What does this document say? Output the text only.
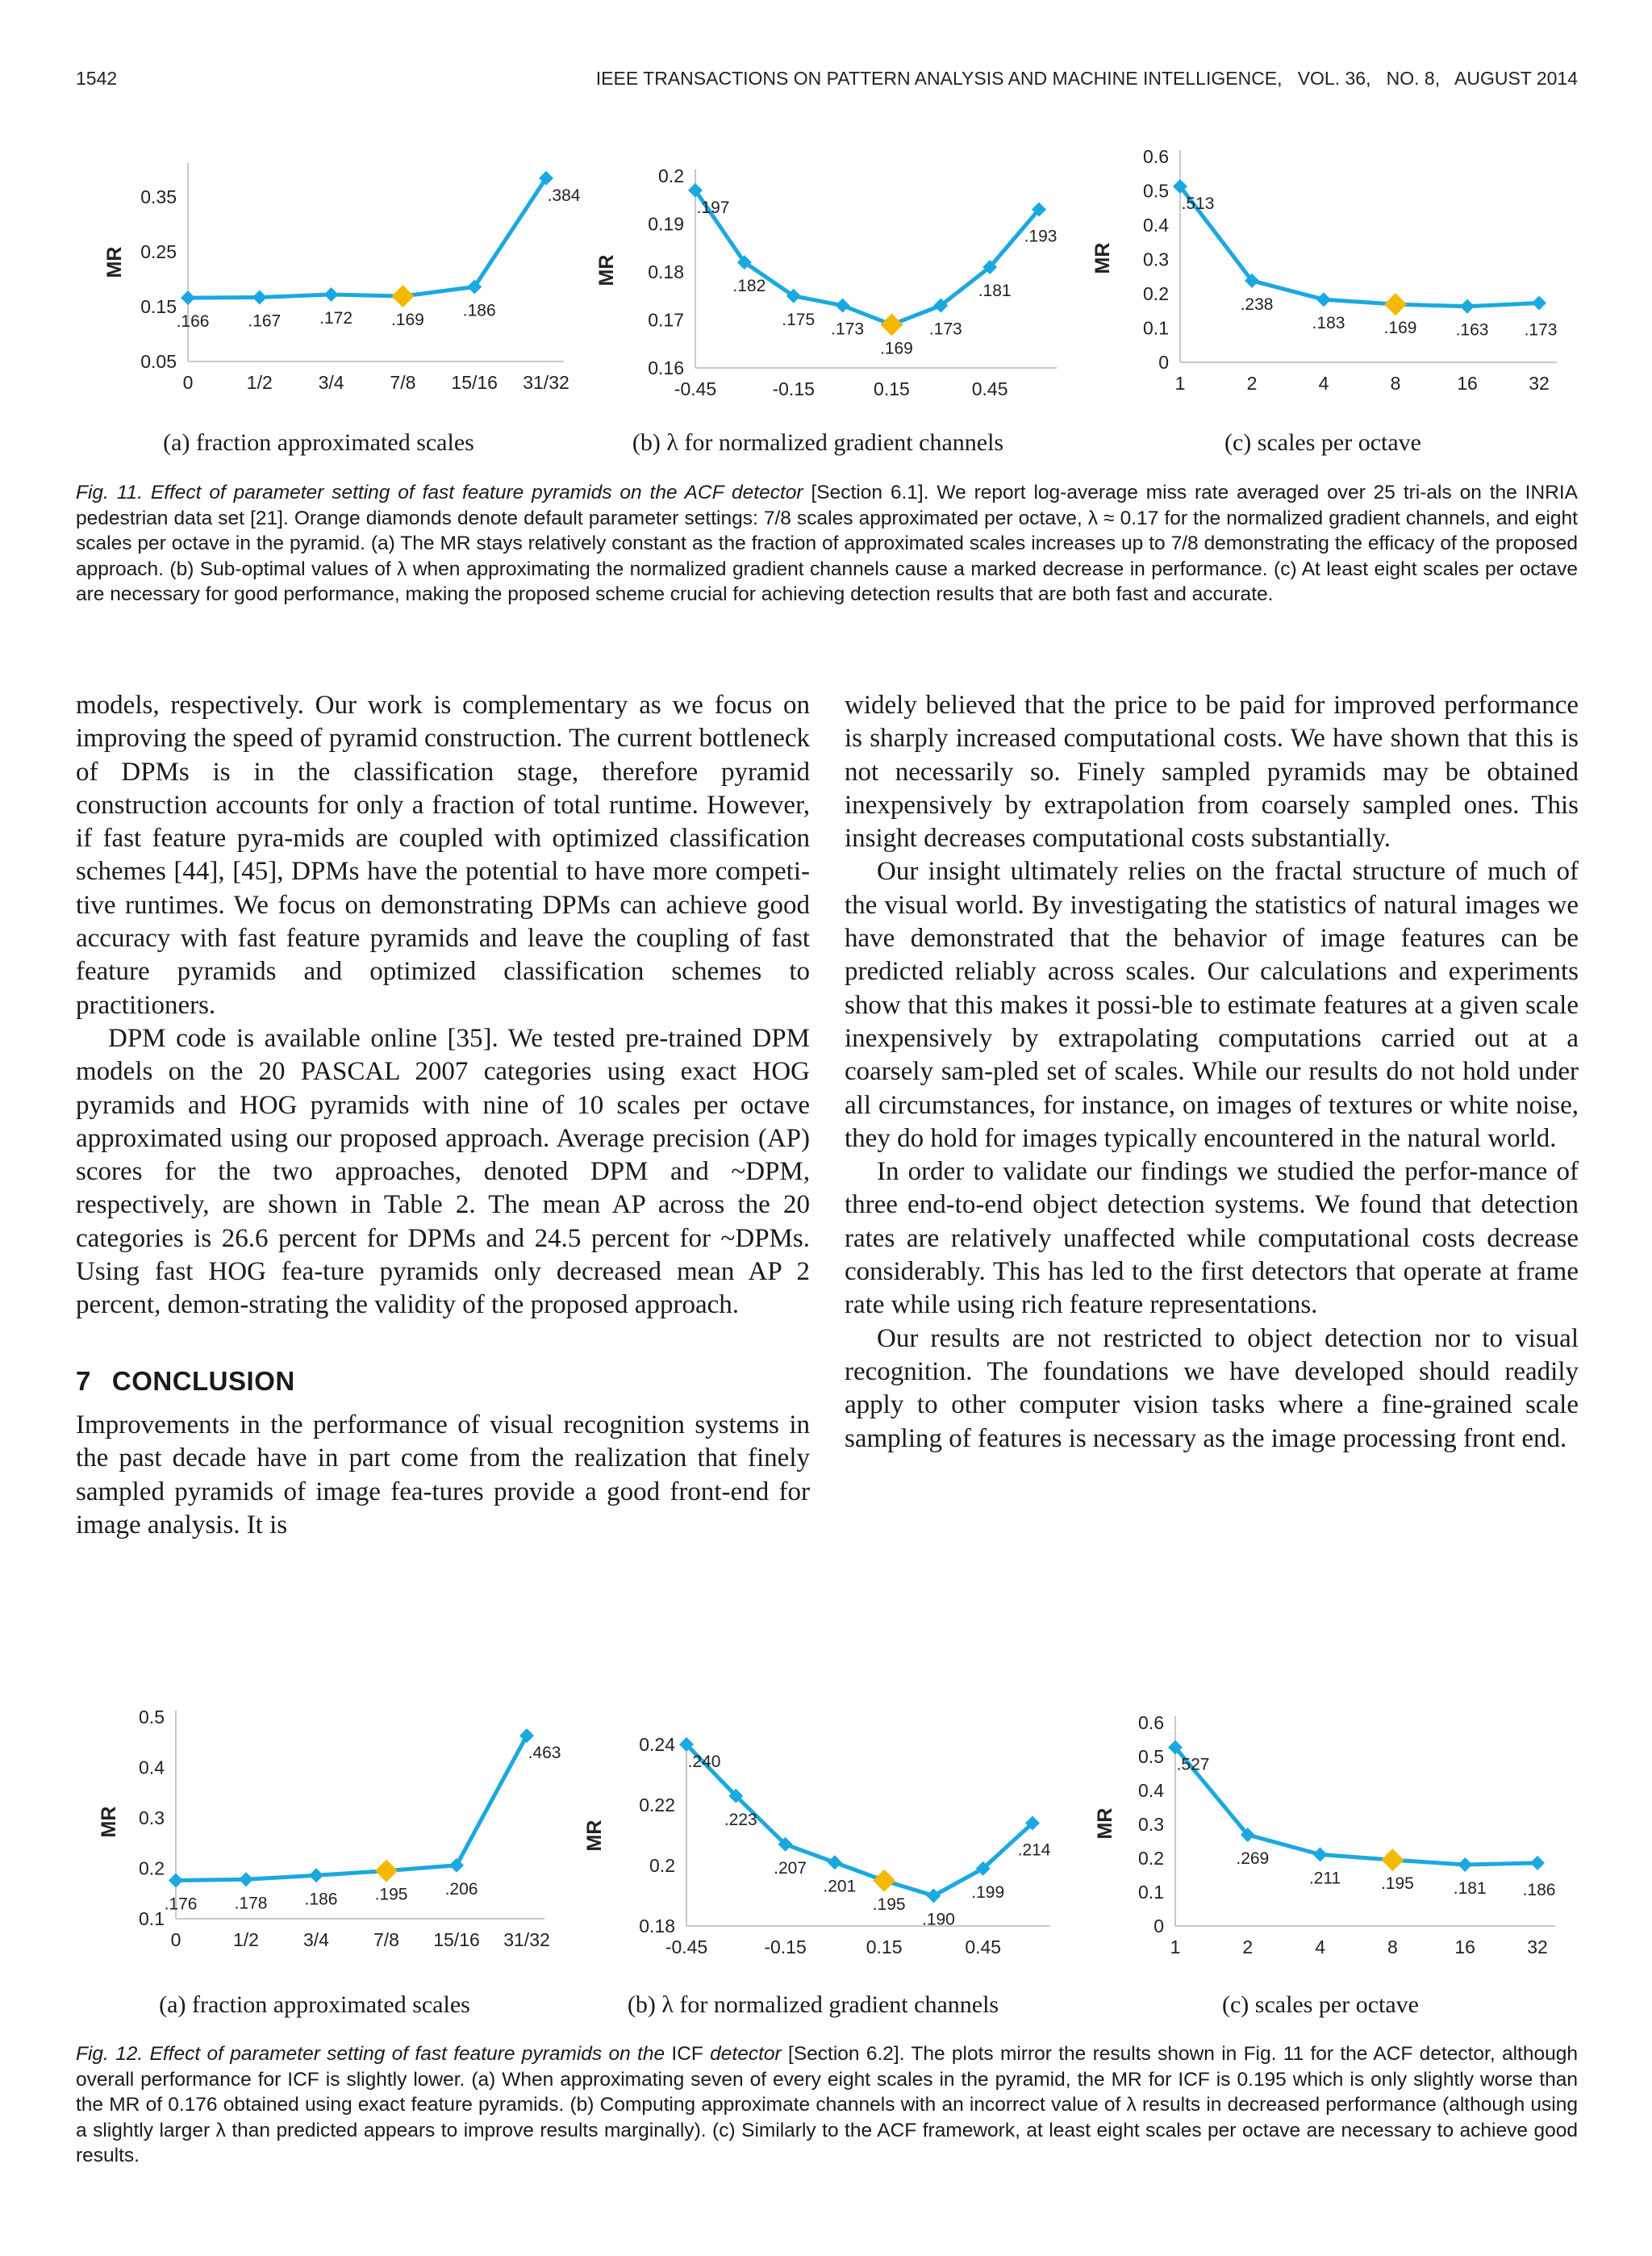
1542	IEEE TRANSACTIONS ON PATTERN ANALYSIS AND MACHINE INTELLIGENCE,   VOL. 36,   NO. 8,   AUGUST 2014
0.05
0.15
0.25
0.35
MR
0	1/2 3/4 7/8 15/16 31/32
.166 .167 .172 .169
.186
.384
0.16
0.17
0.18
0.19
0.2
MR
-0.45	-0.15	0.15	0.45
.197
.182
.175
.173
.169
.173
.181
.193
0
0.1
0.2
0.3
0.4
0.5
0.6
MR
1	2	4	8	16	32
.513
.238
.183 .169 .163 .173
(a) fraction approximated scales	(b) λ for normalized gradient channels	(c) scales per octave
Fig. 11. Effect of parameter setting of fast feature pyramids on the ACF detector [Section 6.1]. We report log-average miss rate averaged over 25 tri-als on the INRIA pedestrian data set [21]. Orange diamonds denote default parameter settings: 7/8 scales approximated per octave, λ ≈ 0.17 for the normalized gradient channels, and eight scales per octave in the pyramid. (a) The MR stays relatively constant as the fraction of approximated scales increases up to 7/8 demonstrating the efficacy of the proposed approach. (b) Sub-optimal values of λ when approximating the normalized gradient channels cause a marked decrease in performance. (c) At least eight scales per octave are necessary for good performance, making the proposed scheme crucial for achieving detection results that are both fast and accurate.

models, respectively. Our work is complementary as we focus on improving the speed of pyramid construction. The current bottleneck of DPMs is in the classification stage, therefore pyramid construction accounts for only a fraction of total runtime. However, if fast feature pyra-mids are coupled with optimized classification schemes [44], [45], DPMs have the potential to have more competi-tive runtimes. We focus on demonstrating DPMs can achieve good accuracy with fast feature pyramids and leave the coupling of fast feature pyramids and optimized classification schemes to practitioners.

DPM code is available online [35]. We tested pre-trained DPM models on the 20 PASCAL 2007 categories using exact HOG pyramids and HOG pyramids with nine of 10 scales per octave approximated using our proposed approach. Average precision (AP) scores for the two approaches, denoted DPM and ~DPM, respectively, are shown in Table 2. The mean AP across the 20 categories is 26.6 percent for DPMs and 24.5 percent for ~DPMs. Using fast HOG fea-ture pyramids only decreased mean AP 2 percent, demon-strating the validity of the proposed approach.

7 CONCLUSION

Improvements in the performance of visual recognition systems in the past decade have in part come from the realization that finely sampled pyramids of image fea-tures provide a good front-end for image analysis. It is

widely believed that the price to be paid for improved performance is sharply increased computational costs. We have shown that this is not necessarily so. Finely sampled pyramids may be obtained inexpensively by extrapolation from coarsely sampled ones. This insight decreases computational costs substantially.

Our insight ultimately relies on the fractal structure of much of the visual world. By investigating the statistics of natural images we have demonstrated that the behavior of image features can be predicted reliably across scales. Our calculations and experiments show that this makes it possi-ble to estimate features at a given scale inexpensively by extrapolating computations carried out at a coarsely sam-pled set of scales. While our results do not hold under all circumstances, for instance, on images of textures or white noise, they do hold for images typically encountered in the natural world.

In order to validate our findings we studied the perfor-mance of three end-to-end object detection systems. We found that detection rates are relatively unaffected while computational costs decrease considerably. This has led to the first detectors that operate at frame rate while using rich feature representations.

Our results are not restricted to object detection nor to visual recognition. The foundations we have developed should readily apply to other computer vision tasks where a fine-grained scale sampling of features is necessary as the image processing front end.

0.1
0.2
0.3
0.4
0.5
MR
0	1/2 3/4 7/8 15/16 31/32
.176 .178 .186 .195 .206
.463
0.18
0.2
0.22
0.24
MR
-0.45	-0.15	0.15	0.45
.240
.223
.207
.201
.195
.190
.199
.214
0
0.1
0.2
0.3
0.4
0.5
0.6
MR
1	2	4	8	16	32
.527
.269
.211 .195 .181 .186
(a) fraction approximated scales	(b) λ for normalized gradient channels	(c) scales per octave
Fig. 12. Effect of parameter setting of fast feature pyramids on the ICF detector [Section 6.2]. The plots mirror the results shown in Fig. 11 for the ACF detector, although overall performance for ICF is slightly lower. (a) When approximating seven of every eight scales in the pyramid, the MR for ICF is 0.195 which is only slightly worse than the MR of 0.176 obtained using exact feature pyramids. (b) Computing approximate channels with an incorrect value of λ results in decreased performance (although using a slightly larger λ than predicted appears to improve results marginally). (c) Similarly to the ACF framework, at least eight scales per octave are necessary to achieve good results.
